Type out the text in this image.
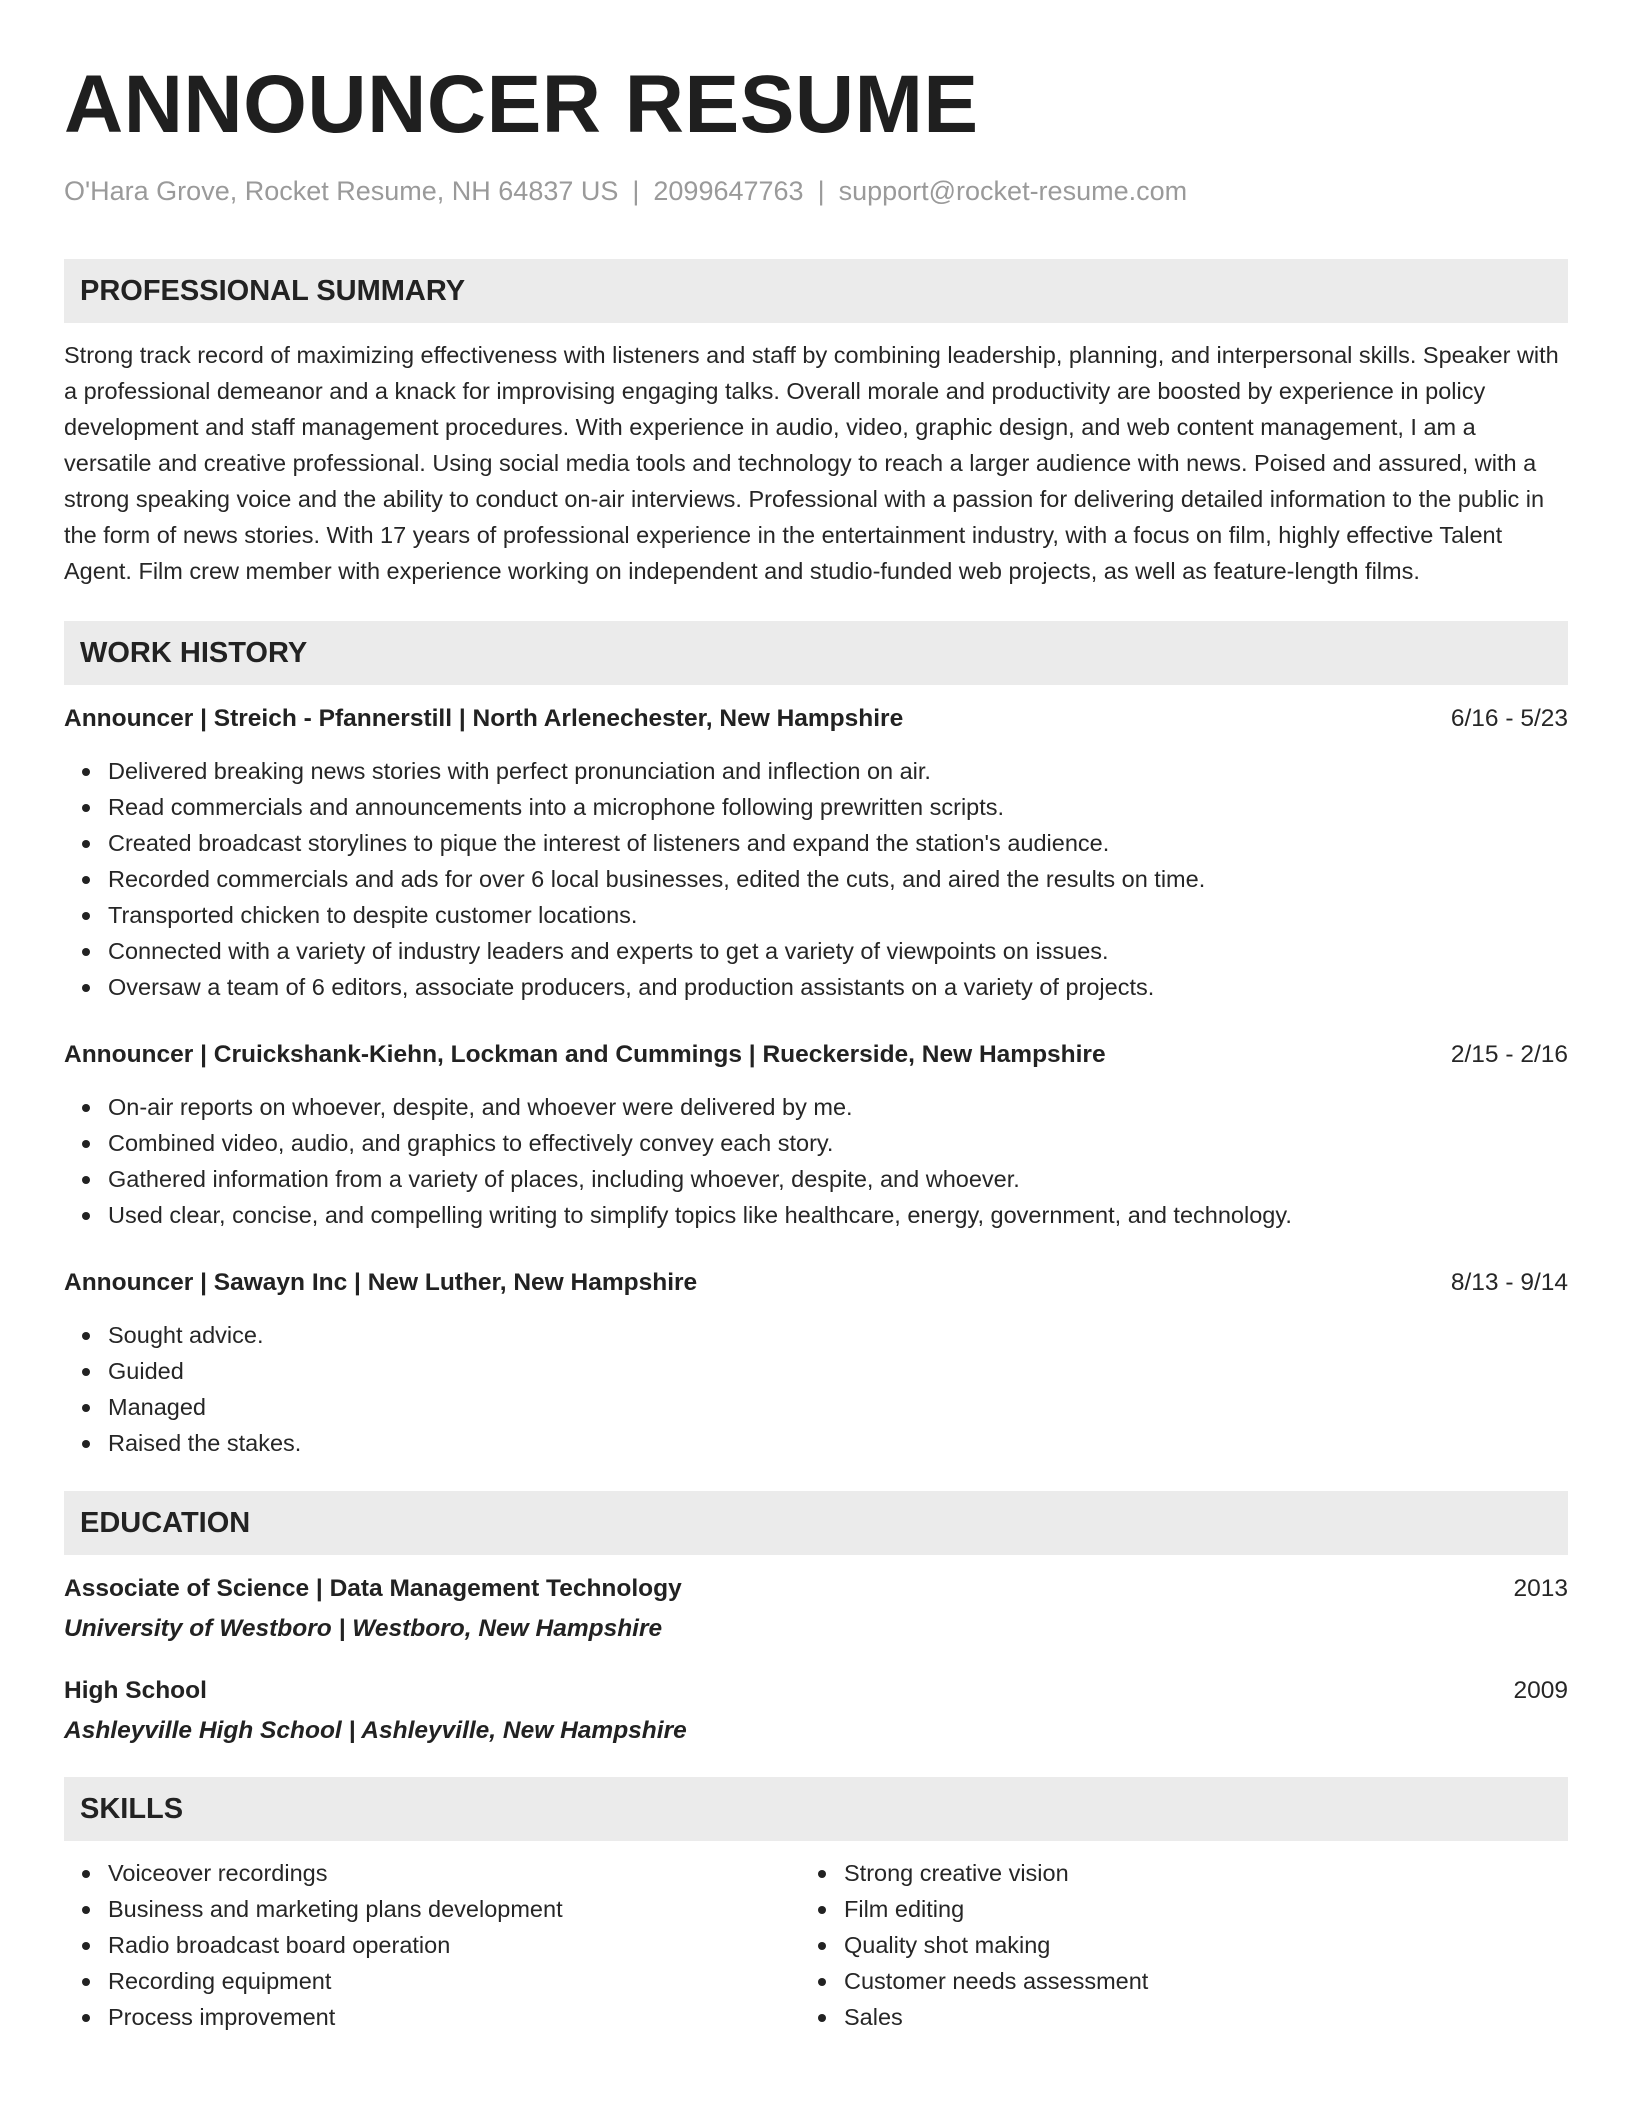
ANNOUNCER RESUME
O'Hara Grove, Rocket Resume, NH 64837 US | 2099647763 | support@rocket-resume.com
PROFESSIONAL SUMMARY

Strong track record of maximizing effectiveness with listeners and staff by combining leadership, planning, and interpersonal skills. Speaker with a professional demeanor and a knack for improvising engaging talks. Overall morale and productivity are boosted by experience in policy development and staff management procedures. With experience in audio, video, graphic design, and web content management, I am a versatile and creative professional. Using social media tools and technology to reach a larger audience with news. Poised and assured, with a strong speaking voice and the ability to conduct on-air interviews. Professional with a passion for delivering detailed information to the public in the form of news stories. With 17 years of professional experience in the entertainment industry, with a focus on film, highly effective Talent Agent. Film crew member with experience working on independent and studio-funded web projects, as well as feature-length films.

WORK HISTORY
Announcer | Streich - Pfannerstill | North Arlenechester, New Hampshire	6/16 - 5/23
Delivered breaking news stories with perfect pronunciation and inflection on air.
Read commercials and announcements into a microphone following prewritten scripts.
Created broadcast storylines to pique the interest of listeners and expand the station's audience.
Recorded commercials and ads for over 6 local businesses, edited the cuts, and aired the results on time.
Transported chicken to despite customer locations.
Connected with a variety of industry leaders and experts to get a variety of viewpoints on issues.
Oversaw a team of 6 editors, associate producers, and production assistants on a variety of projects.
Announcer | Cruickshank-Kiehn, Lockman and Cummings | Rueckerside, New Hampshire	2/15 - 2/16
On-air reports on whoever, despite, and whoever were delivered by me.
Combined video, audio, and graphics to effectively convey each story.
Gathered information from a variety of places, including whoever, despite, and whoever.
Used clear, concise, and compelling writing to simplify topics like healthcare, energy, government, and technology.
Announcer | Sawayn Inc | New Luther, New Hampshire	8/13 - 9/14
Sought advice.
Guided
Managed
Raised the stakes.
EDUCATION
Associate of Science | Data Management Technology	2013
University of Westboro | Westboro, New Hampshire
High School	2009
Ashleyville High School | Ashleyville, New Hampshire
SKILLS
Voiceover recordings
Business and marketing plans development
Radio broadcast board operation
Recording equipment
Process improvement
Strong creative vision
Film editing
Quality shot making
Customer needs assessment
Sales
